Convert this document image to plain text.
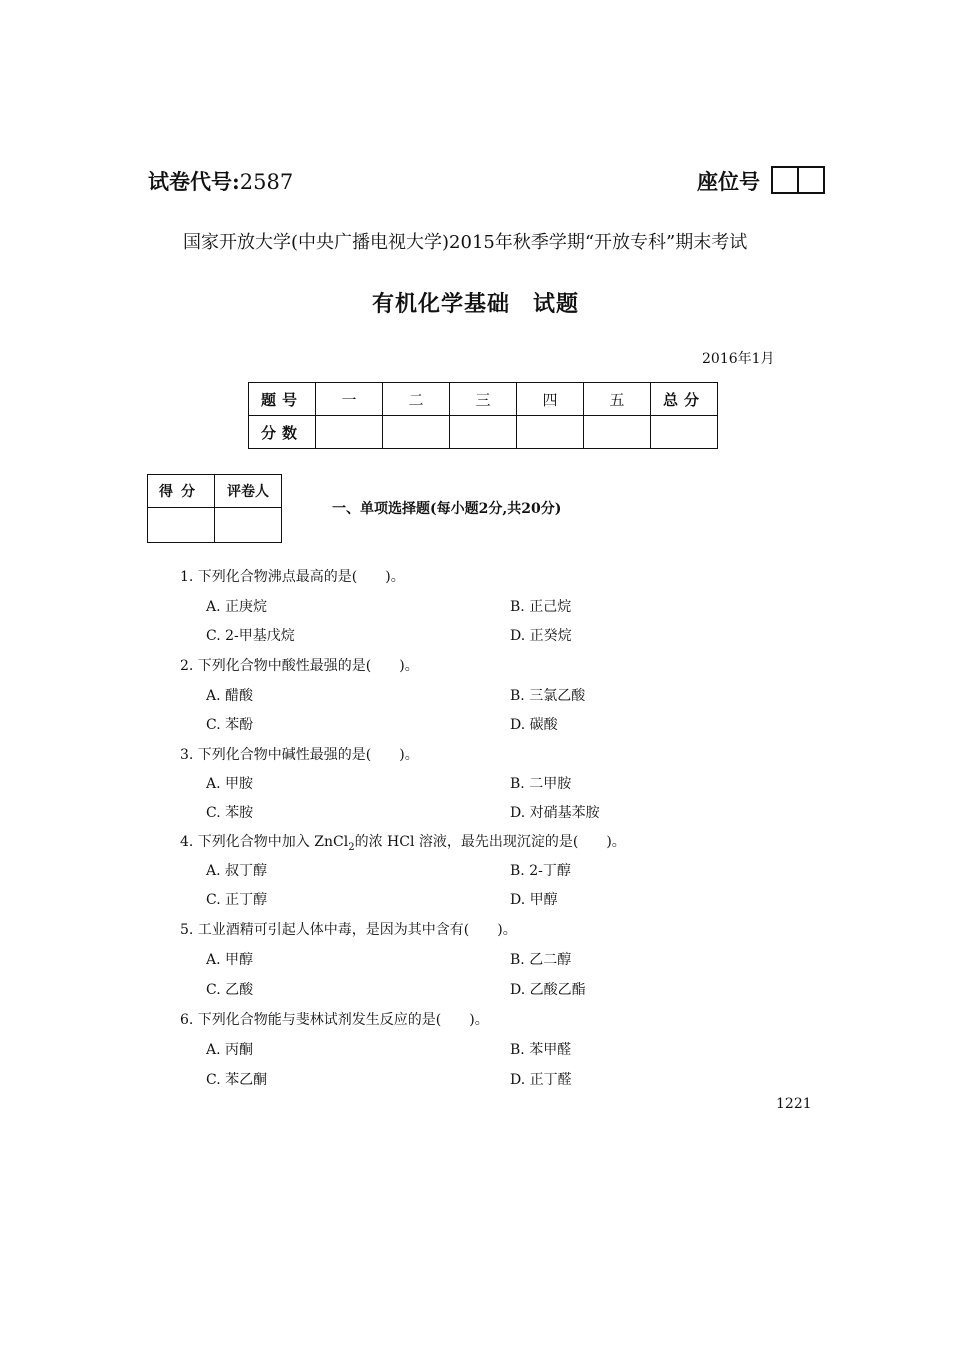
试卷代号:2587	座位号
国家开放大学(中央广播电视大学)2015年秋季学期“开放专科”期末考试
有机化学基础　试题
2016年1月
题号	一	二	三	四	五	总分
分数						
得分	评卷人

一、单项选择题(每小题2分,共20分)
1. 下列化合物沸点最高的是(　　)。
A. 正庚烷	B. 正己烷
C. 2-甲基戊烷	D. 正癸烷
2. 下列化合物中酸性最强的是(　　)。
A. 醋酸	B. 三氯乙酸
C. 苯酚	D. 碳酸
3. 下列化合物中碱性最强的是(　　)。
A. 甲胺	B. 二甲胺
C. 苯胺	D. 对硝基苯胺
4. 下列化合物中加入 ZnCl$_2$的浓 HCl 溶液，最先出现沉淀的是(　　)。
A. 叔丁醇	B. 2-丁醇
C. 正丁醇	D. 甲醇
5. 工业酒精可引起人体中毒，是因为其中含有(　　)。
A. 甲醇	B. 乙二醇
C. 乙酸	D. 乙酸乙酯
6. 下列化合物能与斐林试剂发生反应的是(　　)。
A. 丙酮	B. 苯甲醛
C. 苯乙酮	D. 正丁醛
1221
